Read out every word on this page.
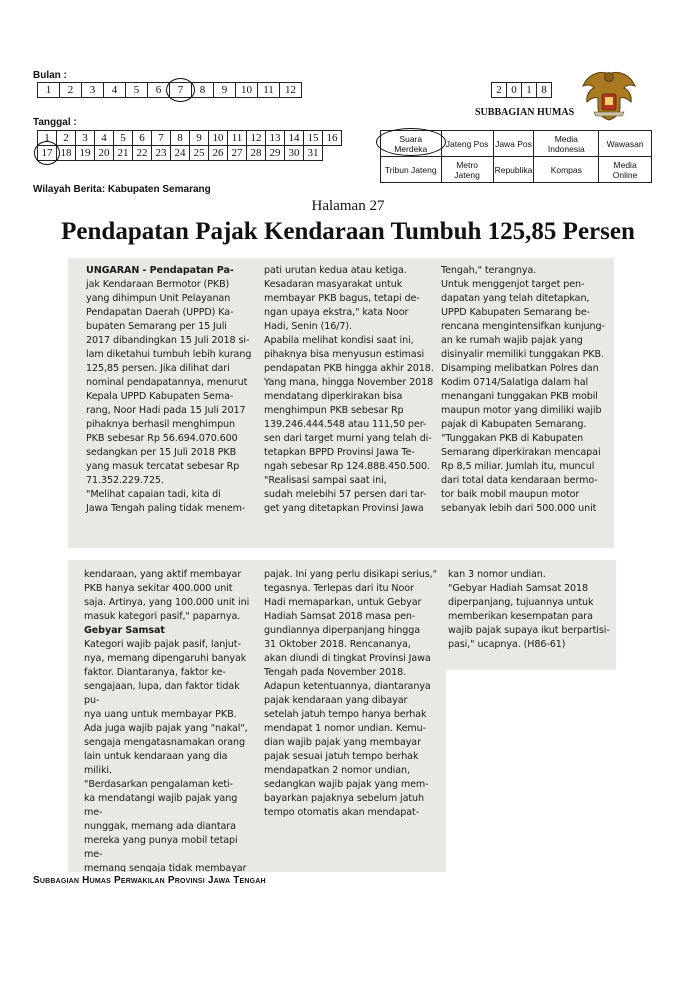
Bulan :
1	2	3	4	5	6	7	8	9	10	11	12
Tanggal :
1	2	3	4	5	6	7	8	9	10	11	12	13	14	15	16
17	18	19	20	21	22	23	24	25	26	27	28	29	30	31	
Wilayah Berita: Kabupaten Semarang
2	0	1	8
SUBBAGIAN HUMAS
Suara Merdeka	Jateng Pos	Jawa Pos	Media Indonesia	Wawasan
Tribun Jateng	Metro Jateng	Republika	Kompas	Media Online
Halaman 27
Pendapatan Pajak Kendaraan Tumbuh 125,85 Persen

UNGARAN - Pendapatan Pa-

jak Kendaraan Bermotor (PKB)

yang dihimpun Unit Pelayanan

Pendapatan Daerah (UPPD) Ka-

bupaten Semarang per 15 Juli

2017 dibandingkan 15 Juli 2018 si-

lam diketahui tumbuh lebih kurang

125,85 persen. Jika dilihat dari

nominal pendapatannya, menurut

Kepala UPPD Kabupaten Sema-

rang, Noor Hadi pada 15 Juli 2017

pihaknya berhasil menghimpun

PKB sebesar Rp 56.694.070.600

sedangkan per 15 Juli 2018 PKB

yang masuk tercatat sebesar Rp

71.352.229.725.

"Melihat capaian tadi, kita di

Jawa Tengah paling tidak menem-

pati urutan kedua atau ketiga.

Kesadaran masyarakat untuk

membayar PKB bagus, tetapi de-

ngan upaya ekstra," kata Noor

Hadi, Senin (16/7).

Apabila melihat kondisi saat ini,

pihaknya bisa menyusun estimasi

pendapatan PKB hingga akhir 2018.

Yang mana, hingga November 2018

mendatang diperkirakan bisa

menghimpun PKB sebesar Rp

139.246.444.548 atau 111,50 per-

sen dari target murni yang telah di-

tetapkan BPPD Provinsi Jawa Te-

ngah sebesar Rp 124.888.450.500.

"Realisasi sampai saat ini,

sudah melebihi 57 persen dari tar-

get yang ditetapkan Provinsi Jawa

Tengah," terangnya.

Untuk menggenjot target pen-

dapatan yang telah ditetapkan,

UPPD Kabupaten Semarang be-

rencana mengintensifkan kunjung-

an ke rumah wajib pajak yang

disinyalir memiliki tunggakan PKB.

Disamping melibatkan Polres dan

Kodim 0714/Salatiga dalam hal

menangani tunggakan PKB mobil

maupun motor yang dimiliki wajib

pajak di Kabupaten Semarang.

"Tunggakan PKB di Kabupaten

Semarang diperkirakan mencapai

Rp 8,5 miliar. Jumlah itu, muncul

dari total data kendaraan bermo-

tor baik mobil maupun motor

sebanyak lebih dari 500.000 unit

kendaraan, yang aktif membayar

PKB hanya sekitar 400.000 unit

saja. Artinya, yang 100.000 unit ini

masuk kategori pasif," paparnya.

Gebyar Samsat

Kategori wajib pajak pasif, lanjut-

nya, memang dipengaruhi banyak

faktor. Diantaranya, faktor ke-

sengajaan, lupa, dan faktor tidak pu-

nya uang untuk membayar PKB.

Ada juga wajib pajak yang "nakal",

sengaja mengatasnamakan orang

lain untuk kendaraan yang dia miliki.

"Berdasarkan pengalaman keti-

ka mendatangi wajib pajak yang me-

nunggak, memang ada diantara

mereka yang punya mobil tetapi me-

memang sengaja tidak membayar

pajak. Ini yang perlu disikapi serius,"

tegasnya. Terlepas dari itu Noor

Hadi memaparkan, untuk Gebyar

Hadiah Samsat 2018 masa pen-

gundiannya diperpanjang hingga

31 Oktober 2018. Rencananya,

akan diundi di tingkat Provinsi Jawa

Tengah pada November 2018.

Adapun ketentuannya, diantaranya

pajak kendaraan yang dibayar

setelah jatuh tempo hanya berhak

mendapat 1 nomor undian. Kemu-

dian wajib pajak yang membayar

pajak sesuai jatuh tempo berhak

mendapatkan 2 nomor undian,

sedangkan wajib pajak yang mem-

bayarkan pajaknya sebelum jatuh

tempo otomatis akan mendapat-

kan 3 nomor undian.

"Gebyar Hadiah Samsat 2018

diperpanjang, tujuannya untuk

memberikan kesempatan para

wajib pajak supaya ikut berpartisi-

pasi," ucapnya. (H86-61)

Subbagian Humas Perwakilan Provinsi Jawa Tengah
